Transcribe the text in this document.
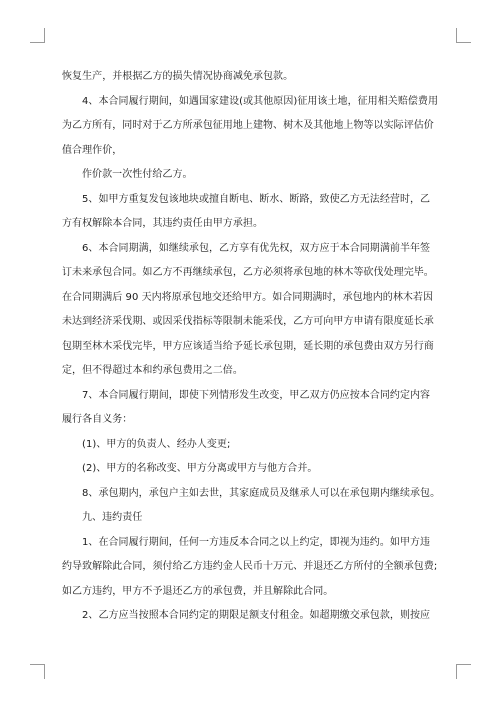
恢复生产，并根据乙方的损失情况协商减免承包款。
4、本合同履行期间，如遇国家建设(或其他原因)征用该土地，征用相关赔偿费用
为乙方所有，同时对于乙方所承包征用地上建物、树木及其他地上物等以实际评估价
值合理作价，
作价款一次性付给乙方。
5、如甲方重复发包该地块或擅自断电、断水、断路，致使乙方无法经营时，乙
方有权解除本合同，其违约责任由甲方承担。
6、本合同期满，如继续承包，乙方享有优先权，双方应于本合同期满前半年签
订未来承包合同。如乙方不再继续承包，乙方必须将承包地的林木等砍伐处理完毕。
在合同期满后 90 天内将原承包地交还给甲方。如合同期满时，承包地内的林木若因
未达到经济采伐期、或因采伐指标等限制未能采伐，乙方可向甲方申请有限度延长承
包期至林木采伐完毕，甲方应该适当给予延长承包期，延长期的承包费由双方另行商
定，但不得超过本和约承包费用之二倍。
7、本合同履行期间，即使下列情形发生改变，甲乙双方仍应按本合同约定内容
履行各自义务：
(1)、甲方的负责人、经办人变更;
(2)、甲方的名称改变、甲方分离或甲方与他方合并。
8、承包期内，承包户主如去世，其家庭成员及继承人可以在承包期内继续承包。
九、违约责任
1、在合同履行期间，任何一方违反本合同之以上约定，即视为违约。如甲方违
约导致解除此合同，须付给乙方违约金人民币十万元、并退还乙方所付的全额承包费;
如乙方违约，甲方不予退还乙方的承包费，并且解除此合同。
2、乙方应当按照本合同约定的期限足额支付租金。如超期缴交承包款，则按应
